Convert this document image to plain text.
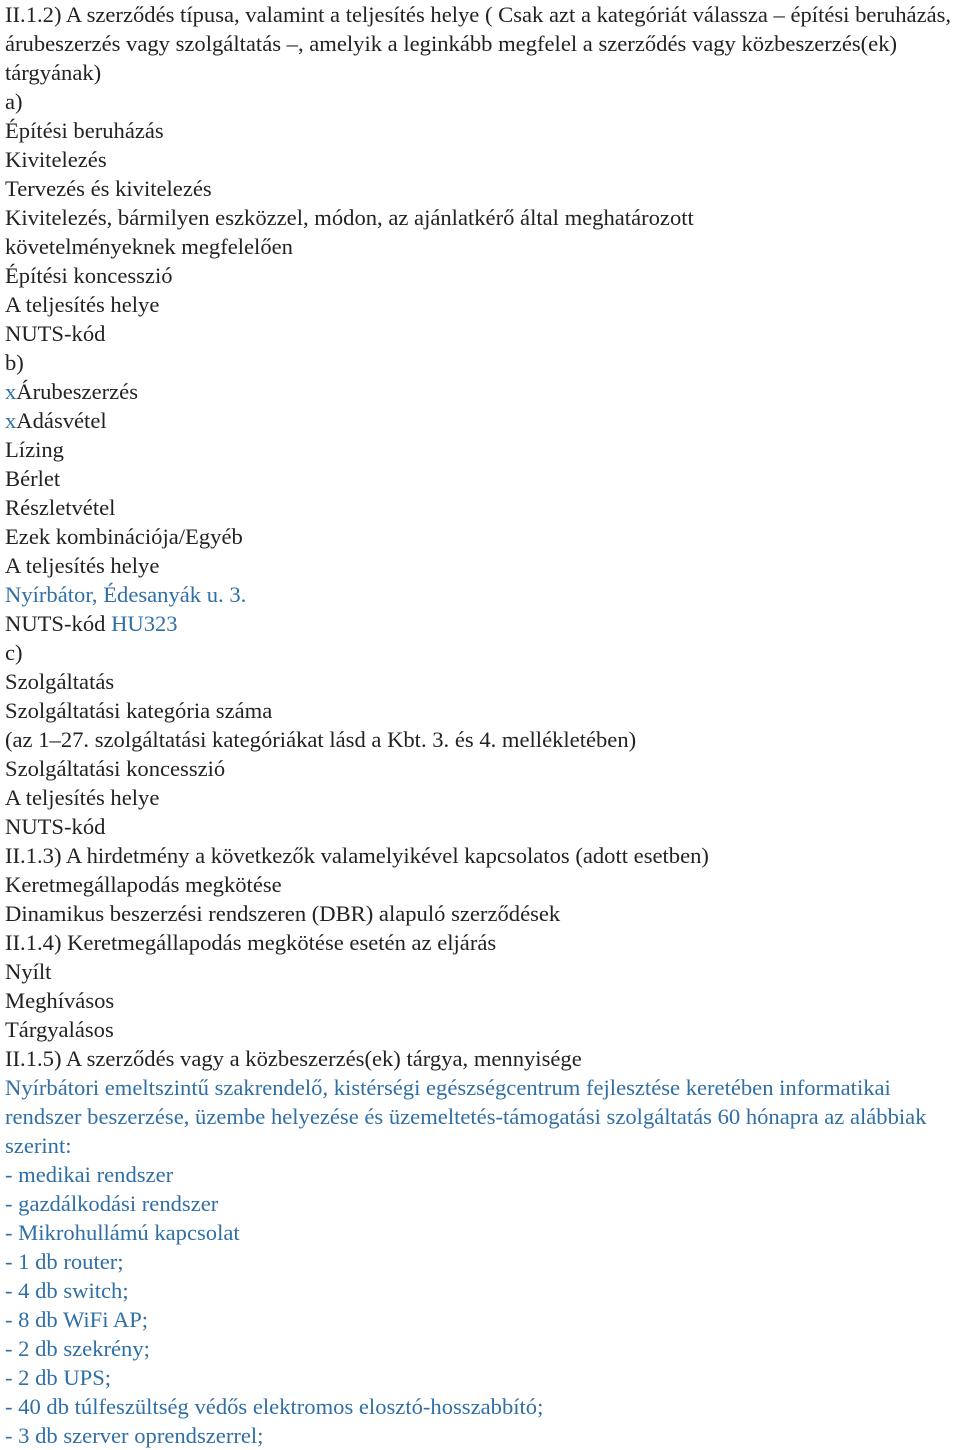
II.1.2) A szerződés típusa, valamint a teljesítés helye ( Csak azt a kategóriát válassza – építési beruházás, árubeszerzés vagy szolgáltatás –, amelyik a leginkább megfelel a szerződés vagy közbeszerzés(ek) tárgyának)

a)
Építési beruházás
Kivitelezés
Tervezés és kivitelezés
Kivitelezés, bármilyen eszközzel, módon, az ajánlatkérő által meghatározott
követelményeknek megfelelően
Építési koncesszió
A teljesítés helye
NUTS-kód
b)
xÁrubeszerzés
xAdásvétel
Lízing
Bérlet
Részletvétel
Ezek kombinációja/Egyéb
A teljesítés helye
Nyírbátor, Édesanyák u. 3.
NUTS-kód HU323
c)
Szolgáltatás
Szolgáltatási kategória száma
(az 1–27. szolgáltatási kategóriákat lásd a Kbt. 3. és 4. mellékletében)
Szolgáltatási koncesszió
A teljesítés helye
NUTS-kód
II.1.3) A hirdetmény a következők valamelyikével kapcsolatos (adott esetben)
Keretmegállapodás megkötése
Dinamikus beszerzési rendszeren (DBR) alapuló szerződések
II.1.4) Keretmegállapodás megkötése esetén az eljárás
Nyílt
Meghívásos
Tárgyalásos
II.1.5) A szerződés vagy a közbeszerzés(ek) tárgya, mennyisége

Nyírbátori emeltszintű szakrendelő, kistérségi egészségcentrum fejlesztése keretében informatikai rendszer beszerzése, üzembe helyezése és üzemeltetés-támogatási szolgáltatás 60 hónapra az alábbiak szerint:

- medikai rendszer
- gazdálkodási rendszer
- Mikrohullámú kapcsolat
- 1 db router;
- 4 db switch;
- 8 db WiFi AP;
- 2 db szekrény;
- 2 db UPS;
- 40 db túlfeszültség védős elektromos elosztó-hosszabbító;
- 3 db szerver oprendszerrel;
